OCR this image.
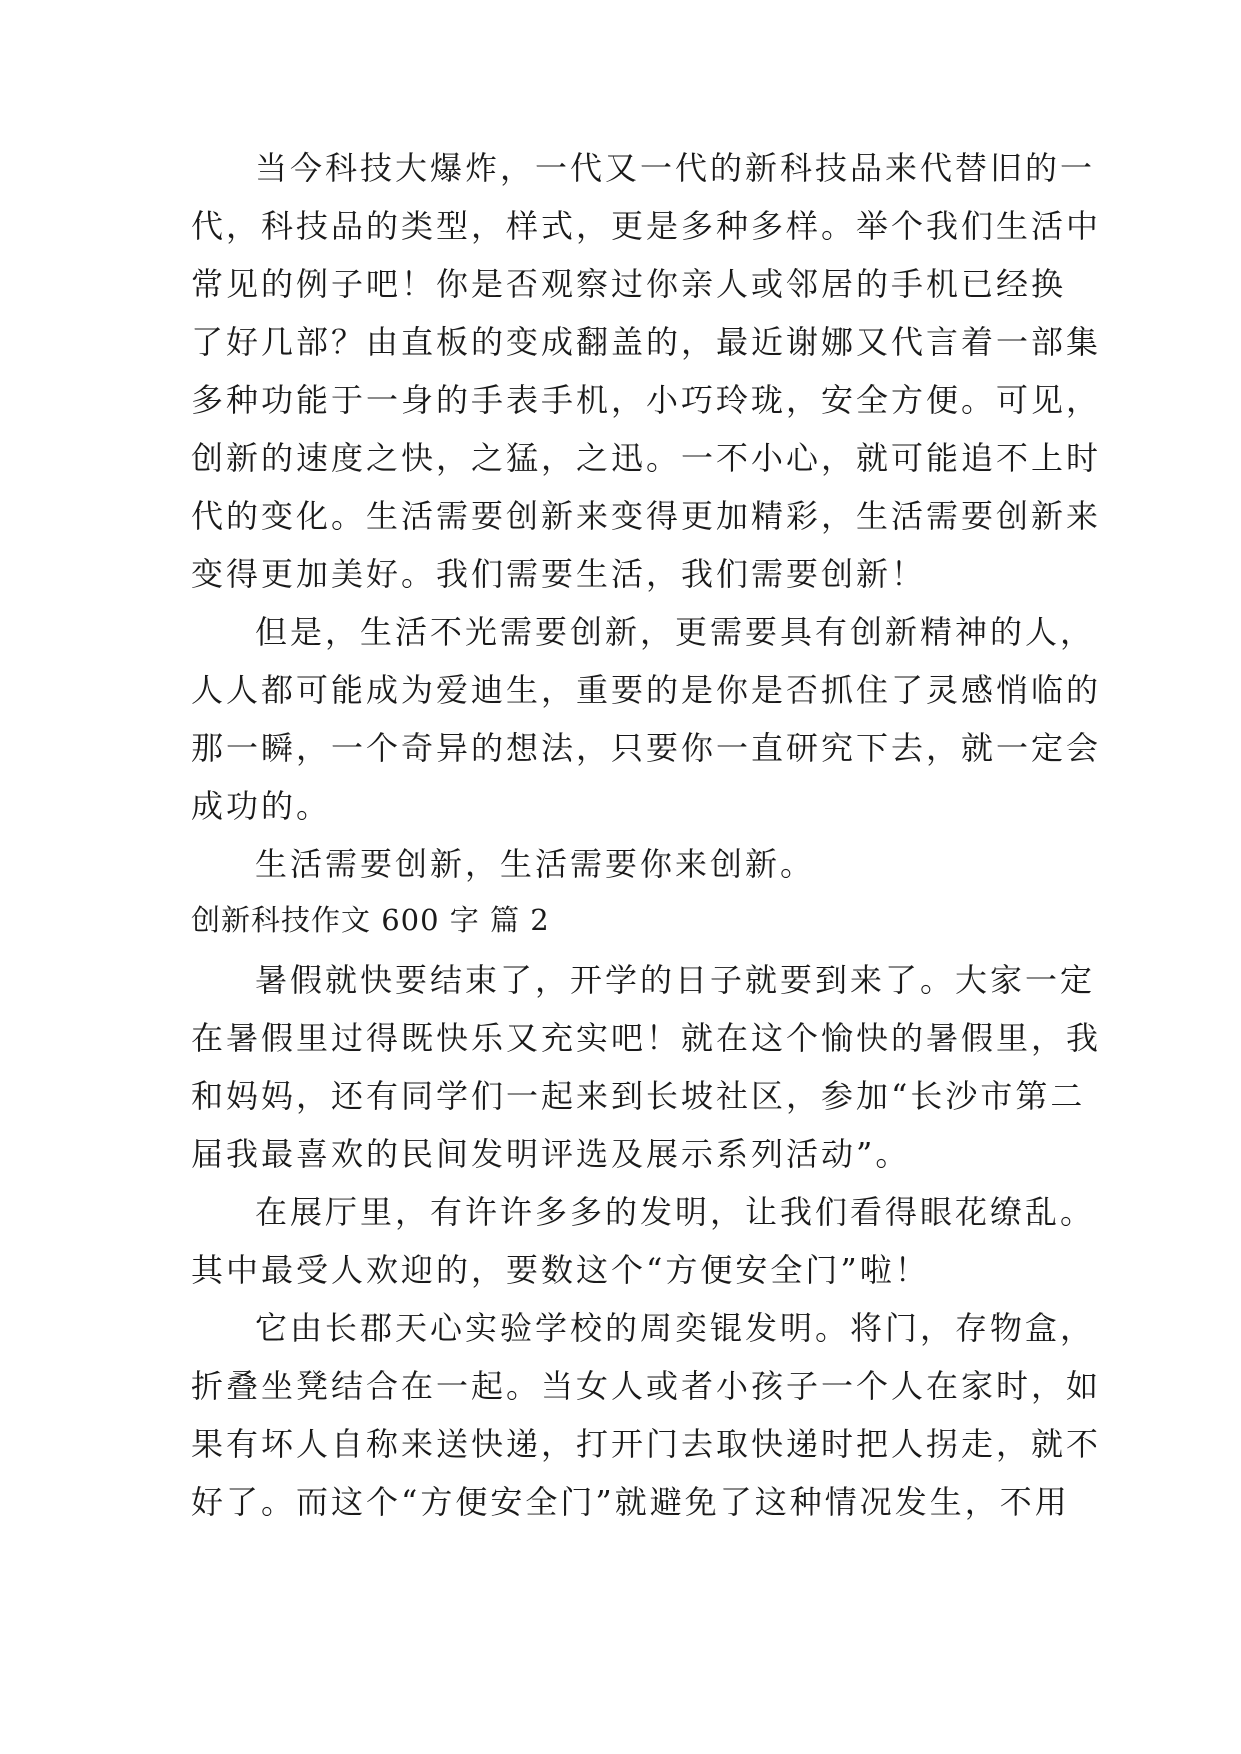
当今科技大爆炸，一代又一代的新科技品来代替旧的一
代，科技品的类型，样式，更是多种多样。举个我们生活中
常见的例子吧！你是否观察过你亲人或邻居的手机已经换
了好几部？由直板的变成翻盖的，最近谢娜又代言着一部集
多种功能于一身的手表手机，小巧玲珑，安全方便。可见，
创新的速度之快，之猛，之迅。一不小心，就可能追不上时
代的变化。生活需要创新来变得更加精彩，生活需要创新来
变得更加美好。我们需要生活，我们需要创新！
但是，生活不光需要创新，更需要具有创新精神的人，
人人都可能成为爱迪生，重要的是你是否抓住了灵感悄临的
那一瞬，一个奇异的想法，只要你一直研究下去，就一定会
成功的。
生活需要创新，生活需要你来创新。
创新科技作文 600 字 篇 2
暑假就快要结束了，开学的日子就要到来了。大家一定
在暑假里过得既快乐又充实吧！就在这个愉快的暑假里，我
和妈妈，还有同学们一起来到长坡社区，参加“长沙市第二
届我最喜欢的民间发明评选及展示系列活动”。
在展厅里，有许许多多的发明，让我们看得眼花缭乱。
其中最受人欢迎的，要数这个“方便安全门”啦！
它由长郡天心实验学校的周奕锟发明。将门，存物盒，
折叠坐凳结合在一起。当女人或者小孩子一个人在家时，如
果有坏人自称来送快递，打开门去取快递时把人拐走，就不
好了。而这个“方便安全门”就避免了这种情况发生，不用
